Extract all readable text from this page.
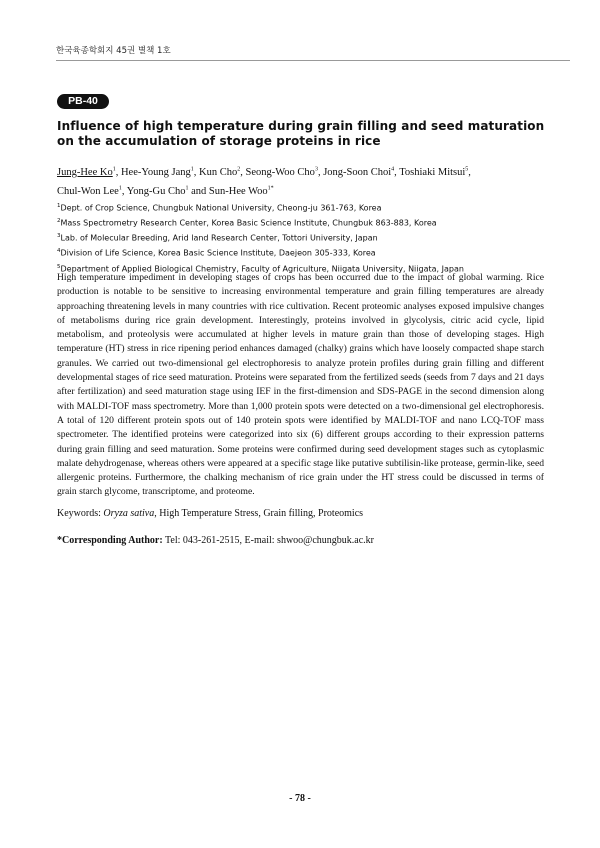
한국육종학회지 45권 별책 1호
PB-40
Influence of high temperature during grain filling and seed maturation on the accumulation of storage proteins in rice
Jung-Hee Ko$^1$, Hee-Young Jang$^1$, Kun Cho$^2$, Seong-Woo Cho$^3$, Jong-Soon Choi$^4$, Toshiaki Mitsui$^5$,
Chul-Won Lee$^1$, Yong-Gu Cho$^1$ and Sun-Hee Woo$^{1*}$
$^1$Dept. of Crop Science, Chungbuk National University, Cheong-ju 361-763, Korea
$^2$Mass Spectrometry Research Center, Korea Basic Science Institute, Chungbuk 863-883, Korea
$^3$Lab. of Molecular Breeding, Arid land Research Center, Tottori University, Japan
$^4$Division of Life Science, Korea Basic Science Institute, Daejeon 305-333, Korea
$^5$Department of Applied Biological Chemistry, Faculty of Agriculture, Niigata University, Niigata, Japan

High temperature impediment in developing stages of crops has been occurred due to the impact of global warming. Rice production is notable to be sensitive to increasing environmental temperature and grain filling temperatures are already approaching threatening levels in many countries with rice cultivation. Recent proteomic analyses exposed impulsive changes of metabolisms during rice grain development. Interestingly, proteins involved in glycolysis, citric acid cycle, lipid metabolism, and proteolysis were accumulated at higher levels in mature grain than those of developing stages. High temperature (HT) stress in rice ripening period enhances damaged (chalky) grains which have loosely compacted shape starch granules. We carried out two-dimensional gel electrophoresis to analyze protein profiles during grain filling and different developmental stages of rice seed maturation. Proteins were separated from the fertilized seeds (seeds from 7 days and 21 days after fertilization) and seed maturation stage using IEF in the first-dimension and SDS-PAGE in the second dimension along with MALDI-TOF mass spectrometry. More than 1,000 protein spots were detected on a two-dimensional gel electrophoresis. A total of 120 different protein spots out of 140 protein spots were identified by MALDI-TOF and nano LCQ-TOF mass spectrometer. The identified proteins were categorized into six (6) different groups according to their expression patterns during grain filling and seed maturation. Some proteins were confirmed during seed development stages such as cytoplasmic malate dehydrogenase, whereas others were appeared at a specific stage like putative subtilisin-like protease, germin-like, seed allergenic proteins. Furthermore, the chalking mechanism of rice grain under the HT stress could be discussed in terms of grain starch glycome, transcriptome, and proteome.

Keywords: Oryza sativa, High Temperature Stress, Grain filling, Proteomics
*Corresponding Author: Tel: 043-261-2515, E-mail: shwoo@chungbuk.ac.kr
- 78 -
